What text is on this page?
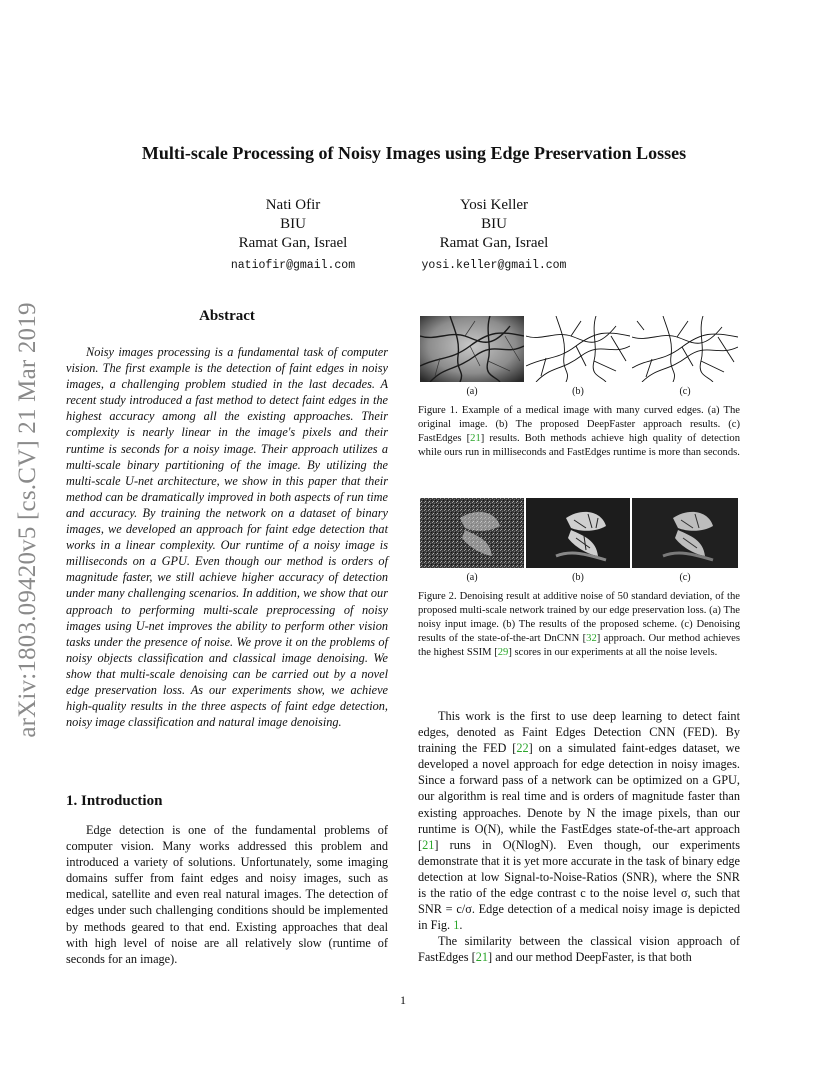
Multi-scale Processing of Noisy Images using Edge Preservation Losses
Nati Ofir
BIU
Ramat Gan, Israel
natiofir@gmail.com
Yosi Keller
BIU
Ramat Gan, Israel
yosi.keller@gmail.com
arXiv:1803.09420v5 [cs.CV] 21 Mar 2019	Abstract
Noisy images processing is a fundamental task of computer vision. The first example is the detection of faint edges in noisy images, a challenging problem studied in the last decades. A recent study introduced a fast method to detect faint edges in the highest accuracy among all the existing approaches. Their complexity is nearly linear in the image's pixels and their runtime is seconds for a noisy image. Their approach utilizes a multi-scale binary partitioning of the image. By utilizing the multi-scale U-net architecture, we show in this paper that their method can be dramatically improved in both aspects of run time and accuracy. By training the network on a dataset of binary images, we developed an approach for faint edge detection that works in a linear complexity. Our runtime of a noisy image is milliseconds on a GPU. Even though our method is orders of magnitude faster, we still achieve higher accuracy of detection under many challenging scenarios. In addition, we show that our approach to performing multi-scale preprocessing of noisy images using U-net improves the ability to perform other vision tasks under the presence of noise. We prove it on the problems of noisy objects classification and classical image denoising. We show that multi-scale denoising can be carried out by a novel edge preservation loss. As our experiments show, we achieve high-quality results in the three aspects of faint edge detection, noisy image classification and natural image denoising.
1. Introduction
Edge detection is one of the fundamental problems of computer vision. Many works addressed this problem and introduced a variety of solutions. Unfortunately, some imaging domains suffer from faint edges and noisy images, such as medical, satellite and even real natural images. The detection of edges under such challenging conditions should be implemented by methods geared to that end. Existing approaches that deal with high level of noise are all relatively slow (runtime of seconds for an image).
(a)	(b)	(c)
Figure 1. Example of a medical image with many curved edges. (a) The original image. (b) The proposed DeepFaster approach results. (c) FastEdges [21] results. Both methods achieve high quality of detection while ours run in milliseconds and FastEdges runtime is more than seconds.
(a)	(b)	(c)
Figure 2. Denoising result at additive noise of 50 standard deviation, of the proposed multi-scale network trained by our edge preservation loss. (a) The noisy input image. (b) The results of the proposed scheme. (c) Denoising results of the state-of-the-art DnCNN [32] approach. Our method achieves the highest SSIM [29] scores in our experiments at all the noise levels.

This work is the first to use deep learning to detect faint edges, denoted as Faint Edges Detection CNN (FED). By training the FED [22] on a simulated faint-edges dataset, we developed a novel approach for edge detection in noisy images. Since a forward pass of a network can be optimized on a GPU, our algorithm is real time and is orders of magnitude faster than existing approaches. Denote by N the image pixels, than our runtime is O(N), while the FastEdges state-of-the-art approach [21] runs in O(NlogN). Even though, our experiments demonstrate that it is yet more accurate in the task of binary edge detection at low Signal-to-Noise-Ratios (SNR), where the SNR is the ratio of the edge contrast c to the noise level σ, such that SNR = c/σ. Edge detection of a medical noisy image is depicted in Fig. 1.

The similarity between the classical vision approach of FastEdges [21] and our method DeepFaster, is that both

1
